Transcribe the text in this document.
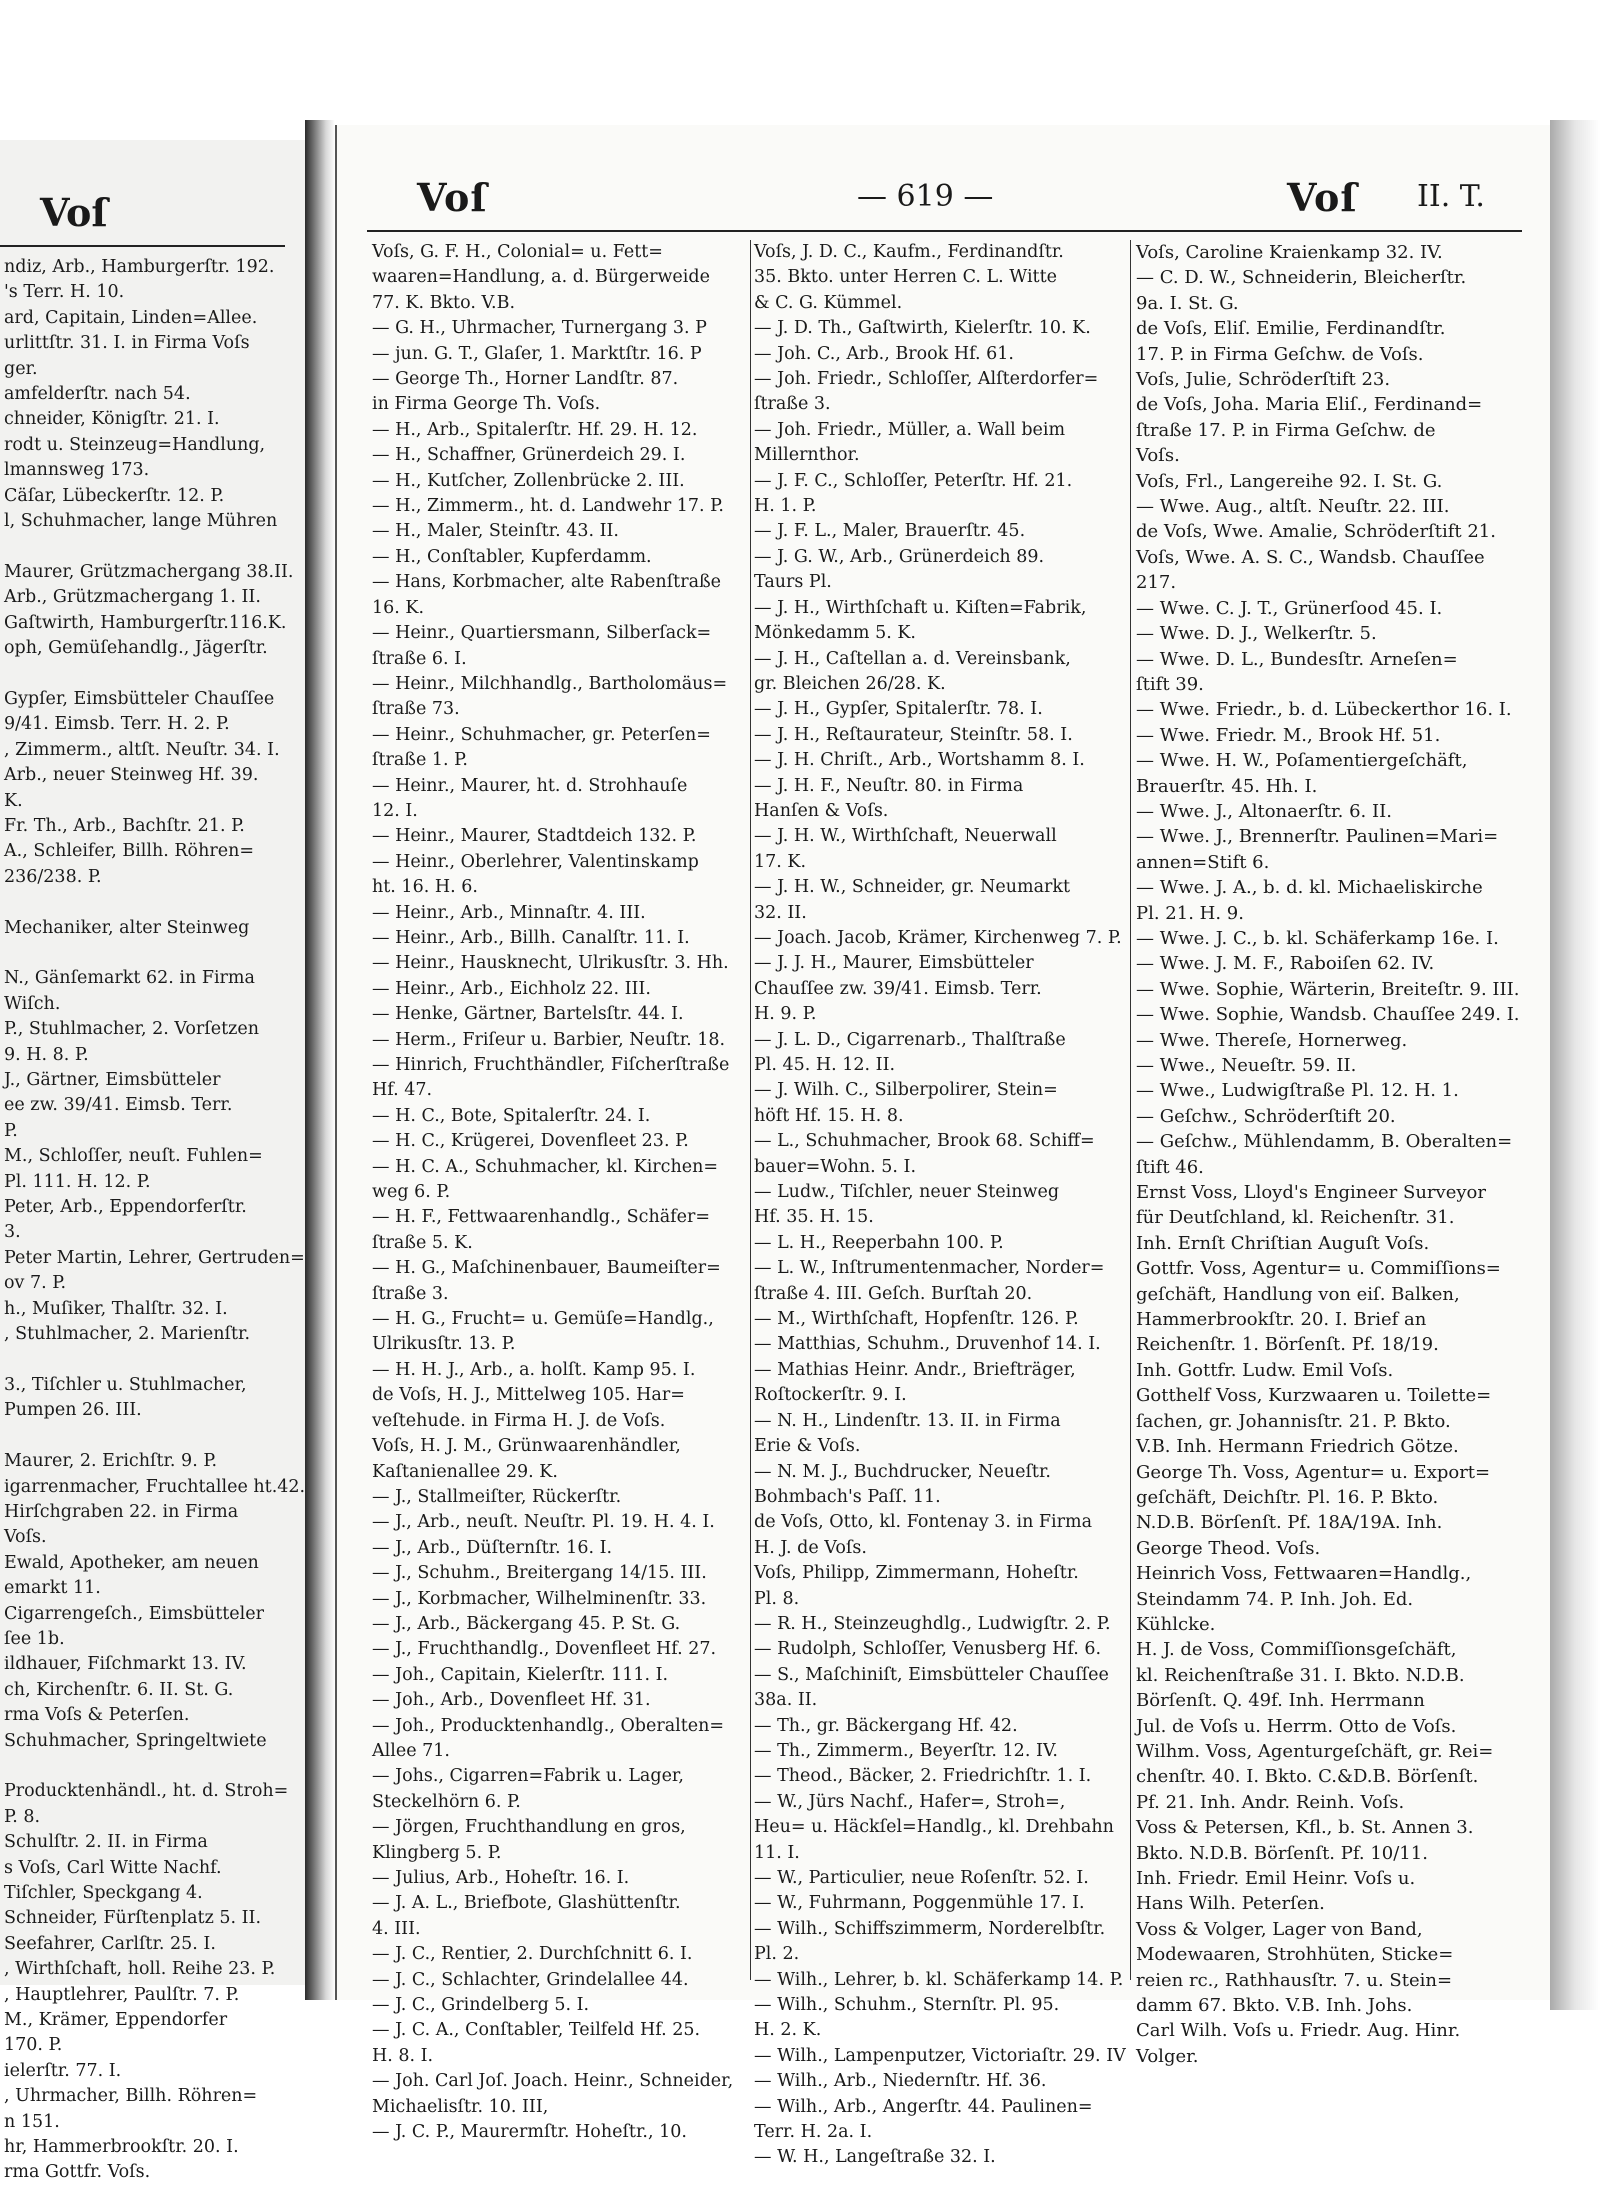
Voſ
ndiz, Arb., Hamburgerſtr. 192.
's Terr. H. 10.
ard, Capitain, Linden=Allee.
urlittſtr. 31. I. in Firma Voſs
ger.
amfelderſtr. nach 54.
chneider, Königſtr. 21. I.
rodt u. Steinzeug=Handlung,
lmannsweg 173.
Cäſar, Lübeckerſtr. 12. P.
l, Schuhmacher, lange Mühren

Maurer, Grützmachergang 38.II.
Arb., Grützmachergang 1. II.
Gaſtwirth, Hamburgerſtr.116.K.
oph, Gemüſehandlg., Jägerſtr.

Gypſer, Eimsbütteler Chauſſee
9/41. Eimsb. Terr. H. 2. P.
, Zimmerm., altſt. Neuſtr. 34. I.
Arb., neuer Steinweg Hf. 39.
K.
Fr. Th., Arb., Bachſtr. 21. P.
A., Schleifer, Billh. Röhren=
236/238. P.

Mechaniker, alter Steinweg

N., Gänſemarkt 62. in Firma
Wiſch.
P., Stuhlmacher, 2. Vorſetzen
9. H. 8. P.
J., Gärtner, Eimsbütteler
ee zw. 39/41. Eimsb. Terr.
P.
M., Schloſſer, neuſt. Fuhlen=
Pl. 111. H. 12. P.
Peter, Arb., Eppendorferſtr.
3.
Peter Martin, Lehrer, Gertruden=
ov 7. P.
h., Muſiker, Thalſtr. 32. I.
, Stuhlmacher, 2. Marienſtr.

3., Tiſchler u. Stuhlmacher,
Pumpen 26. III.

Maurer, 2. Erichſtr. 9. P.
igarrenmacher, Fruchtallee ht.42.
Hirſchgraben 22. in Firma
Voſs.
Ewald, Apotheker, am neuen
emarkt 11.
Cigarrengeſch., Eimsbütteler
ſee 1b.
ildhauer, Fiſchmarkt 13. IV.
ch, Kirchenſtr. 6. II. St. G.
rma Voſs & Peterſen.
Schuhmacher, Springeltwiete

Producktenhändl., ht. d. Stroh=
P. 8.
Schulſtr. 2. II. in Firma
s Voſs, Carl Witte Nachf.
Tiſchler, Speckgang 4.
Schneider, Fürſtenplatz 5. II.
Seefahrer, Carlſtr. 25. I.
, Wirthſchaft, holl. Reihe 23. P.
, Hauptlehrer, Paulſtr. 7. P.
M., Krämer, Eppendorfer
170. P.
ielerſtr. 77. I.
, Uhrmacher, Billh. Röhren=
n 151.
hr, Hammerbrookſtr. 20. I.
rma Gottfr. Voſs.
Voſ	— 619 —	Voſ II. T.
Voſs, G. F. H., Colonial= u. Fett=
waaren=Handlung, a. d. Bürgerweide
77. K. Bkto. V.B.
— G. H., Uhrmacher, Turnergang 3. P
— jun. G. T., Glaſer, 1. Marktſtr. 16. P
— George Th., Horner Landſtr. 87.
in Firma George Th. Voſs.
— H., Arb., Spitalerſtr. Hf. 29. H. 12.
— H., Schaffner, Grünerdeich 29. I.
— H., Kutſcher, Zollenbrücke 2. III.
— H., Zimmerm., ht. d. Landwehr 17. P.
— H., Maler, Steinſtr. 43. II.
— H., Conſtabler, Kupferdamm.
— Hans, Korbmacher, alte Rabenſtraße
16. K.
— Heinr., Quartiersmann, Silberſack=
ſtraße 6. I.
— Heinr., Milchhandlg., Bartholomäus=
ſtraße 73.
— Heinr., Schuhmacher, gr. Peterſen=
ſtraße 1. P.
— Heinr., Maurer, ht. d. Strohhauſe
12. I.
— Heinr., Maurer, Stadtdeich 132. P.
— Heinr., Oberlehrer, Valentinskamp
ht. 16. H. 6.
— Heinr., Arb., Minnaſtr. 4. III.
— Heinr., Arb., Billh. Canalſtr. 11. I.
— Heinr., Hausknecht, Ulrikusſtr. 3. Hh.
— Heinr., Arb., Eichholz 22. III.
— Henke, Gärtner, Bartelsſtr. 44. I.
— Herm., Friſeur u. Barbier, Neuſtr. 18.
— Hinrich, Fruchthändler, Fiſcherſtraße
Hf. 47.
— H. C., Bote, Spitalerſtr. 24. I.
— H. C., Krügerei, Dovenfleet 23. P.
— H. C. A., Schuhmacher, kl. Kirchen=
weg 6. P.
— H. F., Fettwaarenhandlg., Schäfer=
ſtraße 5. K.
— H. G., Maſchinenbauer, Baumeiſter=
ſtraße 3.
— H. G., Frucht= u. Gemüſe=Handlg.,
Ulrikusſtr. 13. P.
— H. H. J., Arb., a. holſt. Kamp 95. I.
de Voſs, H. J., Mittelweg 105. Har=
veſtehude. in Firma H. J. de Voſs.
Voſs, H. J. M., Grünwaarenhändler,
Kaſtanienallee 29. K.
— J., Stallmeiſter, Rückerſtr.
— J., Arb., neuſt. Neuſtr. Pl. 19. H. 4. I.
— J., Arb., Düſternſtr. 16. I.
— J., Schuhm., Breitergang 14/15. III.
— J., Korbmacher, Wilhelminenſtr. 33.
— J., Arb., Bäckergang 45. P. St. G.
— J., Fruchthandlg., Dovenfleet Hf. 27.
— Joh., Capitain, Kielerſtr. 111. I.
— Joh., Arb., Dovenfleet Hf. 31.
— Joh., Producktenhandlg., Oberalten=
Allee 71.
— Johs., Cigarren=Fabrik u. Lager,
Steckelhörn 6. P.
— Jörgen, Fruchthandlung en gros,
Klingberg 5. P.
— Julius, Arb., Hoheſtr. 16. I.
— J. A. L., Briefbote, Glashüttenſtr.
4. III.
— J. C., Rentier, 2. Durchſchnitt 6. I.
— J. C., Schlachter, Grindelallee 44.
— J. C., Grindelberg 5. I.
— J. C. A., Conſtabler, Teilfeld Hf. 25.
H. 8. I.
— Joh. Carl Joſ. Joach. Heinr., Schneider,
Michaelisſtr. 10. III,
— J. C. P., Maurermſtr. Hoheſtr., 10.
Voſs, J. D. C., Kaufm., Ferdinandſtr.
35. Bkto. unter Herren C. L. Witte
& C. G. Kümmel.
— J. D. Th., Gaſtwirth, Kielerſtr. 10. K.
— Joh. C., Arb., Brook Hf. 61.
— Joh. Friedr., Schloſſer, Alſterdorfer=
ſtraße 3.
— Joh. Friedr., Müller, a. Wall beim
Millernthor.
— J. F. C., Schloſſer, Peterſtr. Hf. 21.
H. 1. P.
— J. F. L., Maler, Brauerſtr. 45.
— J. G. W., Arb., Grünerdeich 89.
Taurs Pl.
— J. H., Wirthſchaft u. Kiſten=Fabrik,
Mönkedamm 5. K.
— J. H., Caſtellan a. d. Vereinsbank,
gr. Bleichen 26/28. K.
— J. H., Gypſer, Spitalerſtr. 78. I.
— J. H., Reſtaurateur, Steinſtr. 58. I.
— J. H. Chriſt., Arb., Wortshamm 8. I.
— J. H. F., Neuſtr. 80. in Firma
Hanſen & Voſs.
— J. H. W., Wirthſchaft, Neuerwall
17. K.
— J. H. W., Schneider, gr. Neumarkt
32. II.
— Joach. Jacob, Krämer, Kirchenweg 7. P.
— J. J. H., Maurer, Eimsbütteler
Chauſſee zw. 39/41. Eimsb. Terr.
H. 9. P.
— J. L. D., Cigarrenarb., Thalſtraße
Pl. 45. H. 12. II.
— J. Wilh. C., Silberpolirer, Stein=
höft Hf. 15. H. 8.
— L., Schuhmacher, Brook 68. Schiff=
bauer=Wohn. 5. I.
— Ludw., Tiſchler, neuer Steinweg
Hf. 35. H. 15.
— L. H., Reeperbahn 100. P.
— L. W., Inſtrumentenmacher, Norder=
ſtraße 4. III. Geſch. Burſtah 20.
— M., Wirthſchaft, Hopfenſtr. 126. P.
— Matthias, Schuhm., Druvenhof 14. I.
— Mathias Heinr. Andr., Briefträger,
Roſtockerſtr. 9. I.
— N. H., Lindenſtr. 13. II. in Firma
Erie & Voſs.
— N. M. J., Buchdrucker, Neueſtr.
Bohmbach's Paſſ. 11.
de Voſs, Otto, kl. Fontenay 3. in Firma
H. J. de Voſs.
Voſs, Philipp, Zimmermann, Hoheſtr.
Pl. 8.
— R. H., Steinzeughdlg., Ludwigſtr. 2. P.
— Rudolph, Schloſſer, Venusberg Hf. 6.
— S., Maſchiniſt, Eimsbütteler Chauſſee
38a. II.
— Th., gr. Bäckergang Hf. 42.
— Th., Zimmerm., Beyerſtr. 12. IV.
— Theod., Bäcker, 2. Friedrichſtr. 1. I.
— W., Jürs Nachf., Hafer=, Stroh=,
Heu= u. Häckſel=Handlg., kl. Drehbahn
11. I.
— W., Particulier, neue Roſenſtr. 52. I.
— W., Fuhrmann, Poggenmühle 17. I.
— Wilh., Schiffszimmerm, Norderelbſtr.
Pl. 2.
— Wilh., Lehrer, b. kl. Schäferkamp 14. P.
— Wilh., Schuhm., Sternſtr. Pl. 95.
H. 2. K.
— Wilh., Lampenputzer, Victoriaſtr. 29. IV
— Wilh., Arb., Niedernſtr. Hf. 36.
— Wilh., Arb., Angerſtr. 44. Paulinen=
Terr. H. 2a. I.
— W. H., Langeſtraße 32. I.
Voſs, Caroline Kraienkamp 32. IV.
— C. D. W., Schneiderin, Bleicherſtr.
9a. I. St. G.
de Voſs, Eliſ. Emilie, Ferdinandſtr.
17. P. in Firma Geſchw. de Voſs.
Voſs, Julie, Schröderſtift 23.
de Voſs, Joha. Maria Eliſ., Ferdinand=
ſtraße 17. P. in Firma Geſchw. de
Voſs.
Voſs, Frl., Langereihe 92. I. St. G.
— Wwe. Aug., altſt. Neuſtr. 22. III.
de Voſs, Wwe. Amalie, Schröderſtift 21.
Voſs, Wwe. A. S. C., Wandsb. Chauſſee
217.
— Wwe. C. J. T., Grünerſood 45. I.
— Wwe. D. J., Welkerſtr. 5.
— Wwe. D. L., Bundesſtr. Arneſen=
ſtift 39.
— Wwe. Friedr., b. d. Lübeckerthor 16. I.
— Wwe. Friedr. M., Brook Hf. 51.
— Wwe. H. W., Poſamentiergeſchäft,
Brauerſtr. 45. Hh. I.
— Wwe. J., Altonaerſtr. 6. II.
— Wwe. J., Brennerſtr. Paulinen=Mari=
annen=Stift 6.
— Wwe. J. A., b. d. kl. Michaeliskirche
Pl. 21. H. 9.
— Wwe. J. C., b. kl. Schäferkamp 16e. I.
— Wwe. J. M. F., Raboiſen 62. IV.
— Wwe. Sophie, Wärterin, Breiteſtr. 9. III.
— Wwe. Sophie, Wandsb. Chauſſee 249. I.
— Wwe. Thereſe, Hornerweg.
— Wwe., Neueſtr. 59. II.
— Wwe., Ludwigſtraße Pl. 12. H. 1.
— Geſchw., Schröderſtift 20.
— Geſchw., Mühlendamm, B. Oberalten=
ſtift 46.
Ernst Voss, Lloyd's Engineer Surveyor
für Deutſchland, kl. Reichenſtr. 31.
Inh. Ernſt Chriſtian Auguſt Voſs.
Gottfr. Voss, Agentur= u. Commiſſions=
geſchäft, Handlung von eiſ. Balken,
Hammerbrookſtr. 20. I. Brief an
Reichenſtr. 1. Börſenſt. Pf. 18/19.
Inh. Gottfr. Ludw. Emil Voſs.
Gotthelf Voss, Kurzwaaren u. Toilette=
ſachen, gr. Johannisſtr. 21. P. Bkto.
V.B. Inh. Hermann Friedrich Götze.
George Th. Voss, Agentur= u. Export=
geſchäft, Deichſtr. Pl. 16. P. Bkto.
N.D.B. Börſenſt. Pf. 18A/19A. Inh.
George Theod. Voſs.
Heinrich Voss, Fettwaaren=Handlg.,
Steindamm 74. P. Inh. Joh. Ed.
Kühlcke.
H. J. de Voss, Commiſſionsgeſchäft,
kl. Reichenſtraße 31. I. Bkto. N.D.B.
Börſenſt. Q. 49f. Inh. Herrmann
Jul. de Voſs u. Herrm. Otto de Voſs.
Wilhm. Voss, Agenturgeſchäft, gr. Rei=
chenſtr. 40. I. Bkto. C.&D.B. Börſenſt.
Pf. 21. Inh. Andr. Reinh. Voſs.
Voss & Petersen, Kfl., b. St. Annen 3.
Bkto. N.D.B. Börſenſt. Pf. 10/11.
Inh. Friedr. Emil Heinr. Voſs u.
Hans Wilh. Peterſen.
Voss & Volger, Lager von Band,
Modewaaren, Strohhüten, Sticke=
reien rc., Rathhausſtr. 7. u. Stein=
damm 67. Bkto. V.B. Inh. Johs.
Carl Wilh. Voſs u. Friedr. Aug. Hinr.
Volger.
